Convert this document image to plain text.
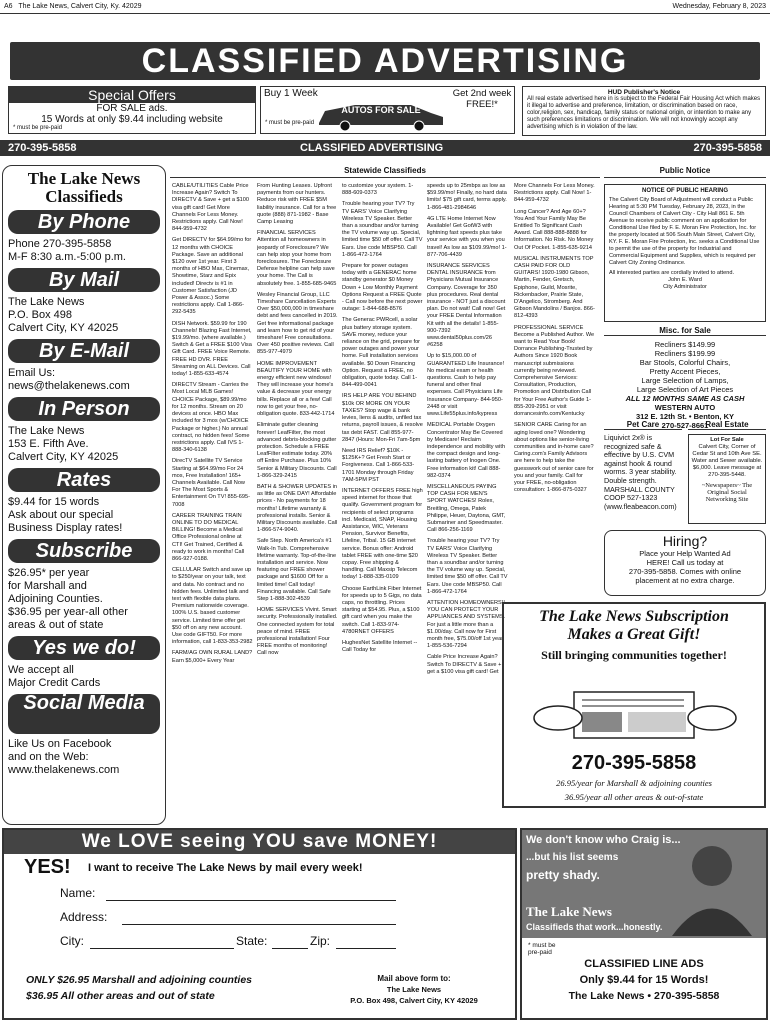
A6 The Lake News, Calvert City, Ky. 42029	Wednesday, February 8, 2023
CLASSIFIED ADVERTISING
Special Offers
FOR SALE ads.
15 Words at only $9.44 including website
* must be pre-paid
Buy 1 Week	Get 2nd week FREE!*
AUTOS FOR SALE
* must be pre-paid
HUD Publisher's Notice
All real estate advertised here in is subject to the Federal Fair Housing Act which makes it illegal to advertise and preference, limitation, or discrimination based on race, color,religion, sex, handicap, family status or national origin, or intention to make any such preferences limitations or discrimination. We will not knowingly accept any advertising which is in violation of the law.
270-395-5858	CLASSIFIED ADVERTISING	270-395-5858
The Lake News Classifieds
By Phone
Phone 270-395-5858
M-F 8:30 a.m.-5:00 p.m.
By Mail
The Lake News
P.O. Box 498
Calvert City, KY 42025
By E-Mail
Email Us:
news@thelakenews.com
In Person
The Lake News
153 E. Fifth Ave.
Calvert City, KY 42025
Rates
$9.44 for 15 words
Ask about our special
Business Display rates!
Subscribe
$26.95* per year
for Marshall and
Adjoining Counties.
$36.95 per year-all other
areas & out of state
Yes we do!
We accept all
Major Credit Cards
Social Media
Like Us on Facebook
and on the Web:
www.thelakenews.com
Statewide Classifieds

CABLE/UTILITIES Cable Price Increase Again? Switch To DIRECTV & Save + get a $100 visa gift card! Get More Channels For Less Money. Restrictions apply. Call Now! 844-959-4732

Get DIRECTV for $64.99/mo for 12 months with CHOICE Package. Save an additional $120 over 1st year. First 3 months of HBO Max, Cinemax, Showtime, Starz and Epix included! Directv is #1 in Customer Satisfaction (JD Power & Assoc.) Some restrictions apply. Call 1-866-292-5435

DISH Network. $59.99 for 190 Channels! Blazing Fast Internet, $19.99/mo. (where available.) Switch & Get a FREE $100 Visa Gift Card. FREE Voice Remote. FREE HD DVR. FREE Streaming on ALL Devices. Call today! 1-855-633-4574

DIRECTV Stream - Carries the Most Local MLB Games! CHOICE Package, $89.99/mo for 12 months. Stream on 20 devices at once. HBO Max included for 3 mos (w/CHOICE Package or higher.) No annual contract, no hidden fees! Some restrictions apply. Call IVS 1-888-340-6138

DirecTV Satellite TV Service Starting at $64.99/mo For 24 mos, Free Installation! 165+ Channels Available. Call Now For The Most Sports & Entertainment On TV! 855-695-7008

CAREER TRAINING TRAIN ONLINE TO DO MEDICAL BILLING! Become a Medical Office Professional online at CTI! Get Trained, Certified & ready to work in months! Call 866-927-0188.

CELLULAR Switch and save up to $250/year on your talk, text and data. No contract and no hidden fees. Unlimited talk and text with flexible data plans. Premium nationwide coverage. 100% U.S. based customer service. Limited time offer get $50 off on any new account. Use code GIFT50. For more information, call 1-833-353-2982

FARM/AG OWN RURAL LAND? Earn $5,000+ Every Year

From Hunting Leases. Upfront payments from our hunters. Reduce risk with FREE $5M liability insurance. Call for a free quote (888) 871-1982 - Base Camp Leasing

FINANCIAL SERVICES Attention all homeowners in jeopardy of Foreclosure? We can help stop your home from foreclosures. The Foreclosure Defense helpline can help save your home. The Call is absolutely free. 1-855-685-9465

Wesley Financial Group, LLC Timeshare Cancellation Experts Over $50,000,000 in timeshare debt and fees cancelled in 2019. Get free informational package and learn how to get rid of your timeshare! Free consultations. Over 450 positive reviews. Call 855-977-4979

HOME IMPROVEMENT BEAUTIFY YOUR HOME with energy efficient new windows! They will increase your home's value & decrease your energy bills. Replace all or a few! Call now to get your free, no-obligation quote. 833-442-1714

Eliminate gutter cleaning forever! LeafFilter, the most advanced debris-blocking gutter protection. Schedule a FREE LeafFilter estimate today. 20% off Entire Purchase. Plus 10% Senior & Military Discounts. Call 1-866-329-2415

BATH & SHOWER UPDATES in as little as ONE DAY! Affordable prices - No payments for 18 months! Lifetime warranty & professional installs. Senior & Military Discounts available. Call 1-866-574-9040.

Safe Step. North America's #1 Walk-In Tub. Comprehensive lifetime warranty. Top-of-the-line installation and service. Now featuring our FREE shower package and $1600 Off for a limited time! Call today! Financing available. Call Safe Step 1-888-302-4539

HOME SERVICES Vivint. Smart security. Professionally installed. One connected system for total peace of mind. FREE professional installation! Four FREE months of monitoring! Call now

to customize your system. 1-888-609-0373

Trouble hearing your TV? Try TV EARS' Voice Clarifying Wireless TV Speaker. Better than a soundbar and/or turning the TV volume way up. Special, limited time $50 off offer. Call TV Ears. Use code MBSP50. Call 1-866-472-1764

Prepare for power outages today with a GENERAC home standby generator $0 Money Down + Low Monthly Payment Options Request a FREE Quote - Call now before the next power outage: 1-844-688-8576

The Generac PWRcell, a solar plus battery storage system. SAVE money, reduce your reliance on the grid, prepare for power outages and power your home. Full installation services available. $0 Down Financing Option. Request a FREE, no obligation, quote today. Call 1-844-499-0041

IRS HELP ARE YOU BEHIND $10k OR MORE ON YOUR TAXES? Stop wage & bank levies, liens & audits, unfiled tax returns, payroll issues, & resolve tax debt FAST. Call 855-977-2847 (Hours: Mon-Fri 7am-5pm

Need IRS Relief? $10K - $125K+? Get Fresh Start or Forgiveness. Call 1-866-533-1701 Monday through Friday 7AM-5PM PST

INTERNET OFFERS FREE high speed internet for those that qualify. Government program for recipients of select programs incl. Medicaid, SNAP, Housing Assistance, WIC, Veterans Pension, Survivor Benefits, Lifeline, Tribal. 15 GB internet service. Bonus offer: Android tablet FREE with one-time $20 copay. Free shipping & handling. Call Maxsip Telecom today! 1-888-335-0109

Choose EarthLink Fiber Internet for speeds up to 5 Gigs, no data caps, no throttling. Prices starting at $54.95. Plus, a $100 gift card when you make the switch. Call 1-833-974-4780RNET OFFERS

HughesNet Satellite Internet --Call Today for

speeds up to 25mbps as low as $59.99/mo! Finally, no hard data limits! $75 gift card, terms apply. 1-866-481-2984646

4G LTE Home Internet Now Available! Get GotW3 with lightning fast speeds plus take your service with you when you travel! As low as $109.99/mo! 1-877-706-4439

INSURANCE SERVICES DENTAL INSURANCE from Physicians Mutual Insurance Company. Coverage for 350 plus procedures. Real dental insurance - NOT just a discount plan. Do not wait! Call now! Get your FREE Dental Information Kit with all the details! 1-855-900-7392 www.dental50plus.com/26 #6258

Up to $15,000.00 of GUARANTEED Life Insurance! No medical exam or health questions. Cash to help pay funeral and other final expenses. Call Physicians Life Insurance Company- 844-950-2448 or visit www.Life55plus.info/kypress

MEDICAL Portable Oxygen Concentrator May Be Covered by Medicare! Reclaim independence and mobility with the compact design and long-lasting battery of Inogen One. Free information kit! Call 888-982-0374

MISCELLANEOUS PAYING TOP CASH FOR MEN'S SPORT WATCHES! Rolex, Breitling, Omega, Patek Philippe, Heuer, Daytona, GMT, Submariner and Speedmaster. Call 866-256-1169

Trouble hearing your TV? Try TV EARS' Voice Clarifying Wireless TV Speaker. Better than a soundbar and/or turning the TV volume way up. Special, limited time $50 off offer. Call TV Ears. Use code MBSP50. Call 1-866-472-1764

ATTENTION HOMEOWNERS!! YOU CAN PROTECT YOUR APPLIANCES AND SYSTEMS. For just a little more than a $1.00/day. Call now for First month free, $75.00/off 1st year. 1-855-536-7294

Cable Price Increase Again? Switch To DIRECTV & Save + get a $100 visa gift card! Get

More Channels For Less Money. Restrictions apply. Call Now! 1-844-959-4732

Long Cancer? And Age 60+? You And Your Family May Be Entitled To Significant Cash Award. Call 888-888-8888 for Information. No Risk. No Money Out Of Pocket. 1-855-635-9214

MUSICAL INSTRUMENTS TOP CASH PAID FOR OLD GUITARS! 1920-1980 Gibson, Martin, Fender, Gretsch, Epiphone, Guild, Mosrite, Rickenbacker, Prairie State, D'Angelico, Stromberg. And Gibson Mandolins / Banjos. 866-812-4393

PROFESSIONAL SERVICE Become a Published Author. We want to Read Your Book! Dorrance Publishing-Trusted by Authors Since 1920 Book manuscript submissions currently being reviewed. Comprehensive Services: Consultation, Production, Promotion and Distribution Call for Your Free Author's Guide 1-855-209-2951 or visit dorrancesinfo.com/Kentucky

SENIOR CARE Caring for an aging loved one? Wondering about options like senior-living communities and in-home care? Caring.com's Family Advisors are here to help take the guesswork out of senior care for you and your family. Call for your FREE, no-obligation consultation: 1-866-875-0327

Public Notice
NOTICE OF PUBLIC HEARING
The Calvert City Board of Adjustment will conduct a Public Hearing at 5:30 PM Tuesday, February 28, 2023, in the Council Chambers of Calvert City - City Hall 861 E. 5th Avenue to receive public comment on an application for Conditional Use filed by F. E. Moran Fire Protection, Inc. for the property located at 506 South Main Street, Calvert City, KY. F. E. Moran Fire Protection, Inc. seeks a Conditional Use to permit the use of the property for Industrial and Commercial Equipment and Supplies, which is required per Calvert City Zoning Ordinance.
All interested parties are cordially invited to attend.
John E. Ward
City Administrator
Misc. for Sale
Recliners $149.99
Recliners $199.99
Bar Stools, Colorful Chairs,
Pretty Accent Pieces,
Large Selection of Lamps,
Large Selection of Art Pieces
ALL 12 MONTHS SAME AS CASH
WESTERN AUTO
312 E. 12th St. • Benton, KY
270-527-8661
Pet Care	Real Estate
Liquivict 2x® is recognized safe & effective by U.S. CVM against hook & round worms. 3 year stability. Double strength. MARSHALL COUNTY COOP 527-1323 (www.fleabeacon.com)
Lot For Sale
Calvert City, Corner of Cedar St and 10th Ave SE. Water and Sewer available. $6,000. Leave message at 270-395-5448.
~Newspapers~ The Original Social Networking Site
Hiring?
Place your Help Wanted Ad
HERE! Call us today at
270-395-5858. Comes with online
placement at no extra charge.
The Lake News Subscription Makes a Great Gift!
Still bringing communities together!
270-395-5858
26.95/year for Marshall & adjoining counties
36.95/year all other areas & out-of-state
We LOVE seeing YOU save MONEY!
YES! I want to receive The Lake News by mail every week!
Name:
Address:
City:	State:	Zip:
ONLY $26.95 Marshall and adjoining counties
$36.95 All other areas and out of state
Mail above form to:
The Lake News
P.O. Box 498, Calvert City, KY 42029
We don't know who Craig is...
...but his list seems
pretty shady.
The Lake News
Classifieds that work...honestly.
* must be pre-paid
CLASSIFIED LINE ADS
Only $9.44 for 15 Words!
The Lake News • 270-395-5858
